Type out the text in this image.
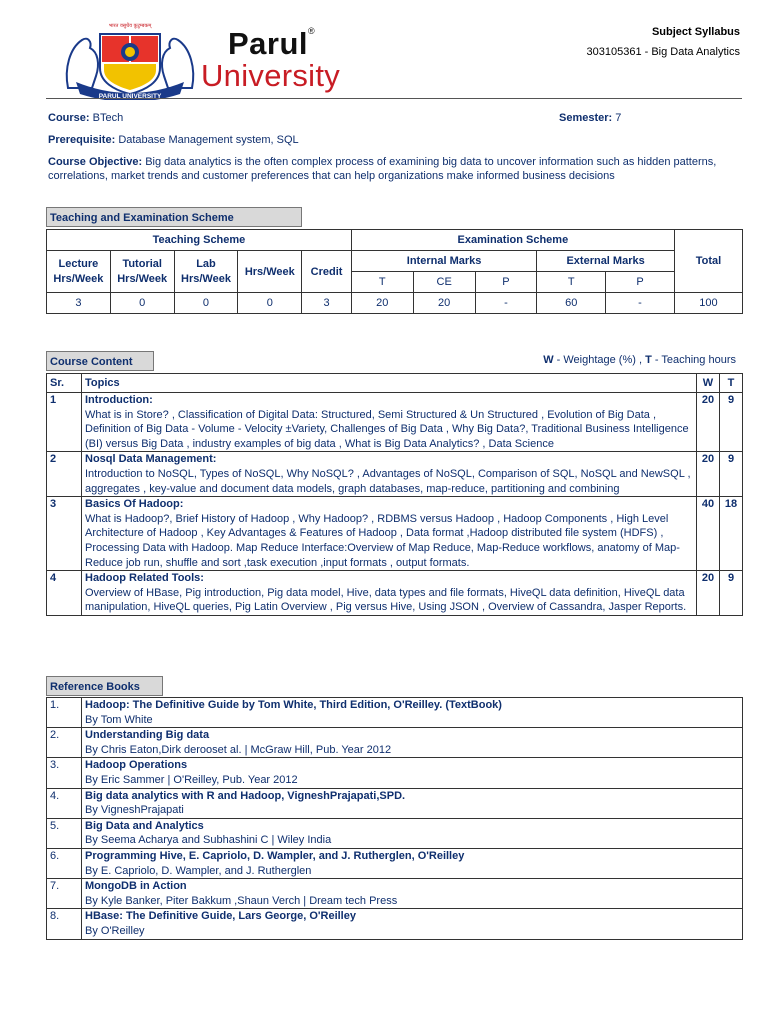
PARUL UNIVERSITY
भारत वसुधैव कुटुम्बकम् Parul®
University
Subject Syllabus
303105361 - Big Data Analytics
Course: BTech	Semester: 7
Prerequisite: Database Management system, SQL
Course Objective: Big data analytics is the often complex process of examining big data to uncover information such as hidden patterns, correlations, market trends and customer preferences that can help organizations make informed business decisions
Teaching and Examination Scheme
Teaching Scheme					Examination Scheme					Total
Lecture Hrs/Week	Tutorial Hrs/Week	Lab Hrs/Week	Hrs/Week	Credit	Internal Marks			External Marks		
					T	CE	P	T	P	
3	0	0	0	3	20	20	-	60	-	100
Course Content	W - Weightage (%) , T - Teaching hours
Sr.	Topics	W	T
1	Introduction:
What is in Store? , Classification of Digital Data: Structured, Semi Structured & Un Structured , Evolution of Big Data , Definition of Big Data - Volume - Velocity ±Variety, Challenges of Big Data , Why Big Data?, Traditional Business Intelligence (BI) versus Big Data , industry examples of big data , What is Big Data Analytics? , Data Science	20	9
2	Nosql Data Management:
Introduction to NoSQL, Types of NoSQL, Why NoSQL? , Advantages of NoSQL, Comparison of SQL, NoSQL and NewSQL , aggregates , key-value and document data models, graph databases, map-reduce, partitioning and combining	20	9
3	Basics Of Hadoop:
What is Hadoop?, Brief History of Hadoop , Why Hadoop? , RDBMS versus Hadoop , Hadoop Components , High Level Architecture of Hadoop , Key Advantages & Features of Hadoop , Data format ,Hadoop distributed file system (HDFS) , Processing Data with Hadoop. Map Reduce Interface:Overview of Map Reduce, Map-Reduce workflows, anatomy of Map-Reduce job run, shuffle and sort ,task execution ,input formats , output formats.	40	18
4	Hadoop Related Tools:
Overview of HBase, Pig introduction, Pig data model, Hive, data types and file formats, HiveQL data definition, HiveQL data manipulation, HiveQL queries, Pig Latin Overview , Pig versus Hive, Using JSON , Overview of Cassandra, Jasper Reports.	20	9
Reference Books
1.	Hadoop: The Definitive Guide by Tom White, Third Edition, O'Reilley. (TextBook)
By Tom White

2.	Understanding Big data
By Chris Eaton,Dirk derooset al. | McGraw Hill, Pub. Year 2012

3.	Hadoop Operations
By Eric Sammer | O'Reilley, Pub. Year 2012

4.	Big data analytics with R and Hadoop, VigneshPrajapati,SPD.
By VigneshPrajapati

5.	Big Data and Analytics
By Seema Acharya and Subhashini C | Wiley India

6.	Programming Hive, E. Capriolo, D. Wampler, and J. Rutherglen, O'Reilley
By E. Capriolo, D. Wampler, and J. Rutherglen

7.	MongoDB in Action
By Kyle Banker, Piter Bakkum ,Shaun Verch | Dream tech Press

8.	HBase: The Definitive Guide, Lars George, O'Reilley
By O'Reilley
